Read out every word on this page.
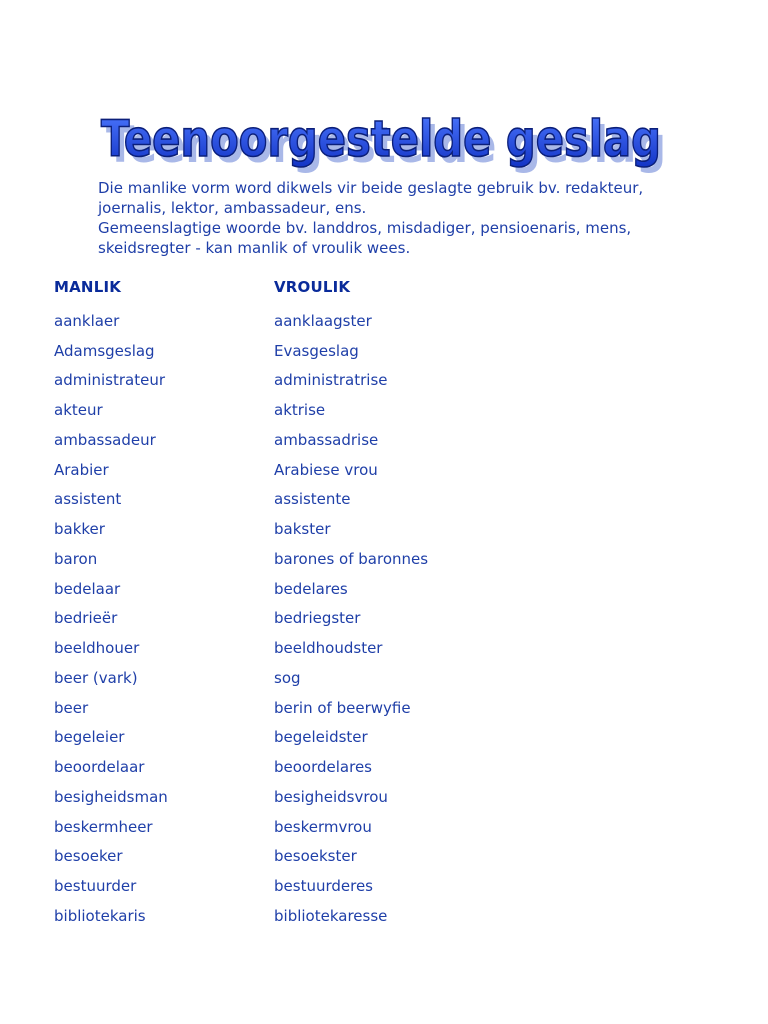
Teenoorgestelde geslag
Teenoorgestelde geslag

Die manlike vorm word dikwels vir beide geslagte gebruik bv. redakteur, joernalis, lektor, ambassadeur, ens.

Gemeenslagtige woorde bv. landdros, misdadiger, pensioenaris, mens, skeidsregter - kan manlik of vroulik wees.

MANLIK	VROULIK
aanklaer	aanklaagster
Adamsgeslag	Evasgeslag
administrateur	administratrise
akteur	aktrise
ambassadeur	ambassadrise
Arabier	Arabiese vrou
assistent	assistente
bakker	bakster
baron	barones of baronnes
bedelaar	bedelares
bedrieër	bedriegster
beeldhouer	beeldhoudster
beer (vark)	sog
beer	berin of beerwyfie
begeleier	begeleidster
beoordelaar	beoordelares
besigheidsman	besigheidsvrou
beskermheer	beskermvrou
besoeker	besoekster
bestuurder	bestuurderes
bibliotekaris	bibliotekaresse
